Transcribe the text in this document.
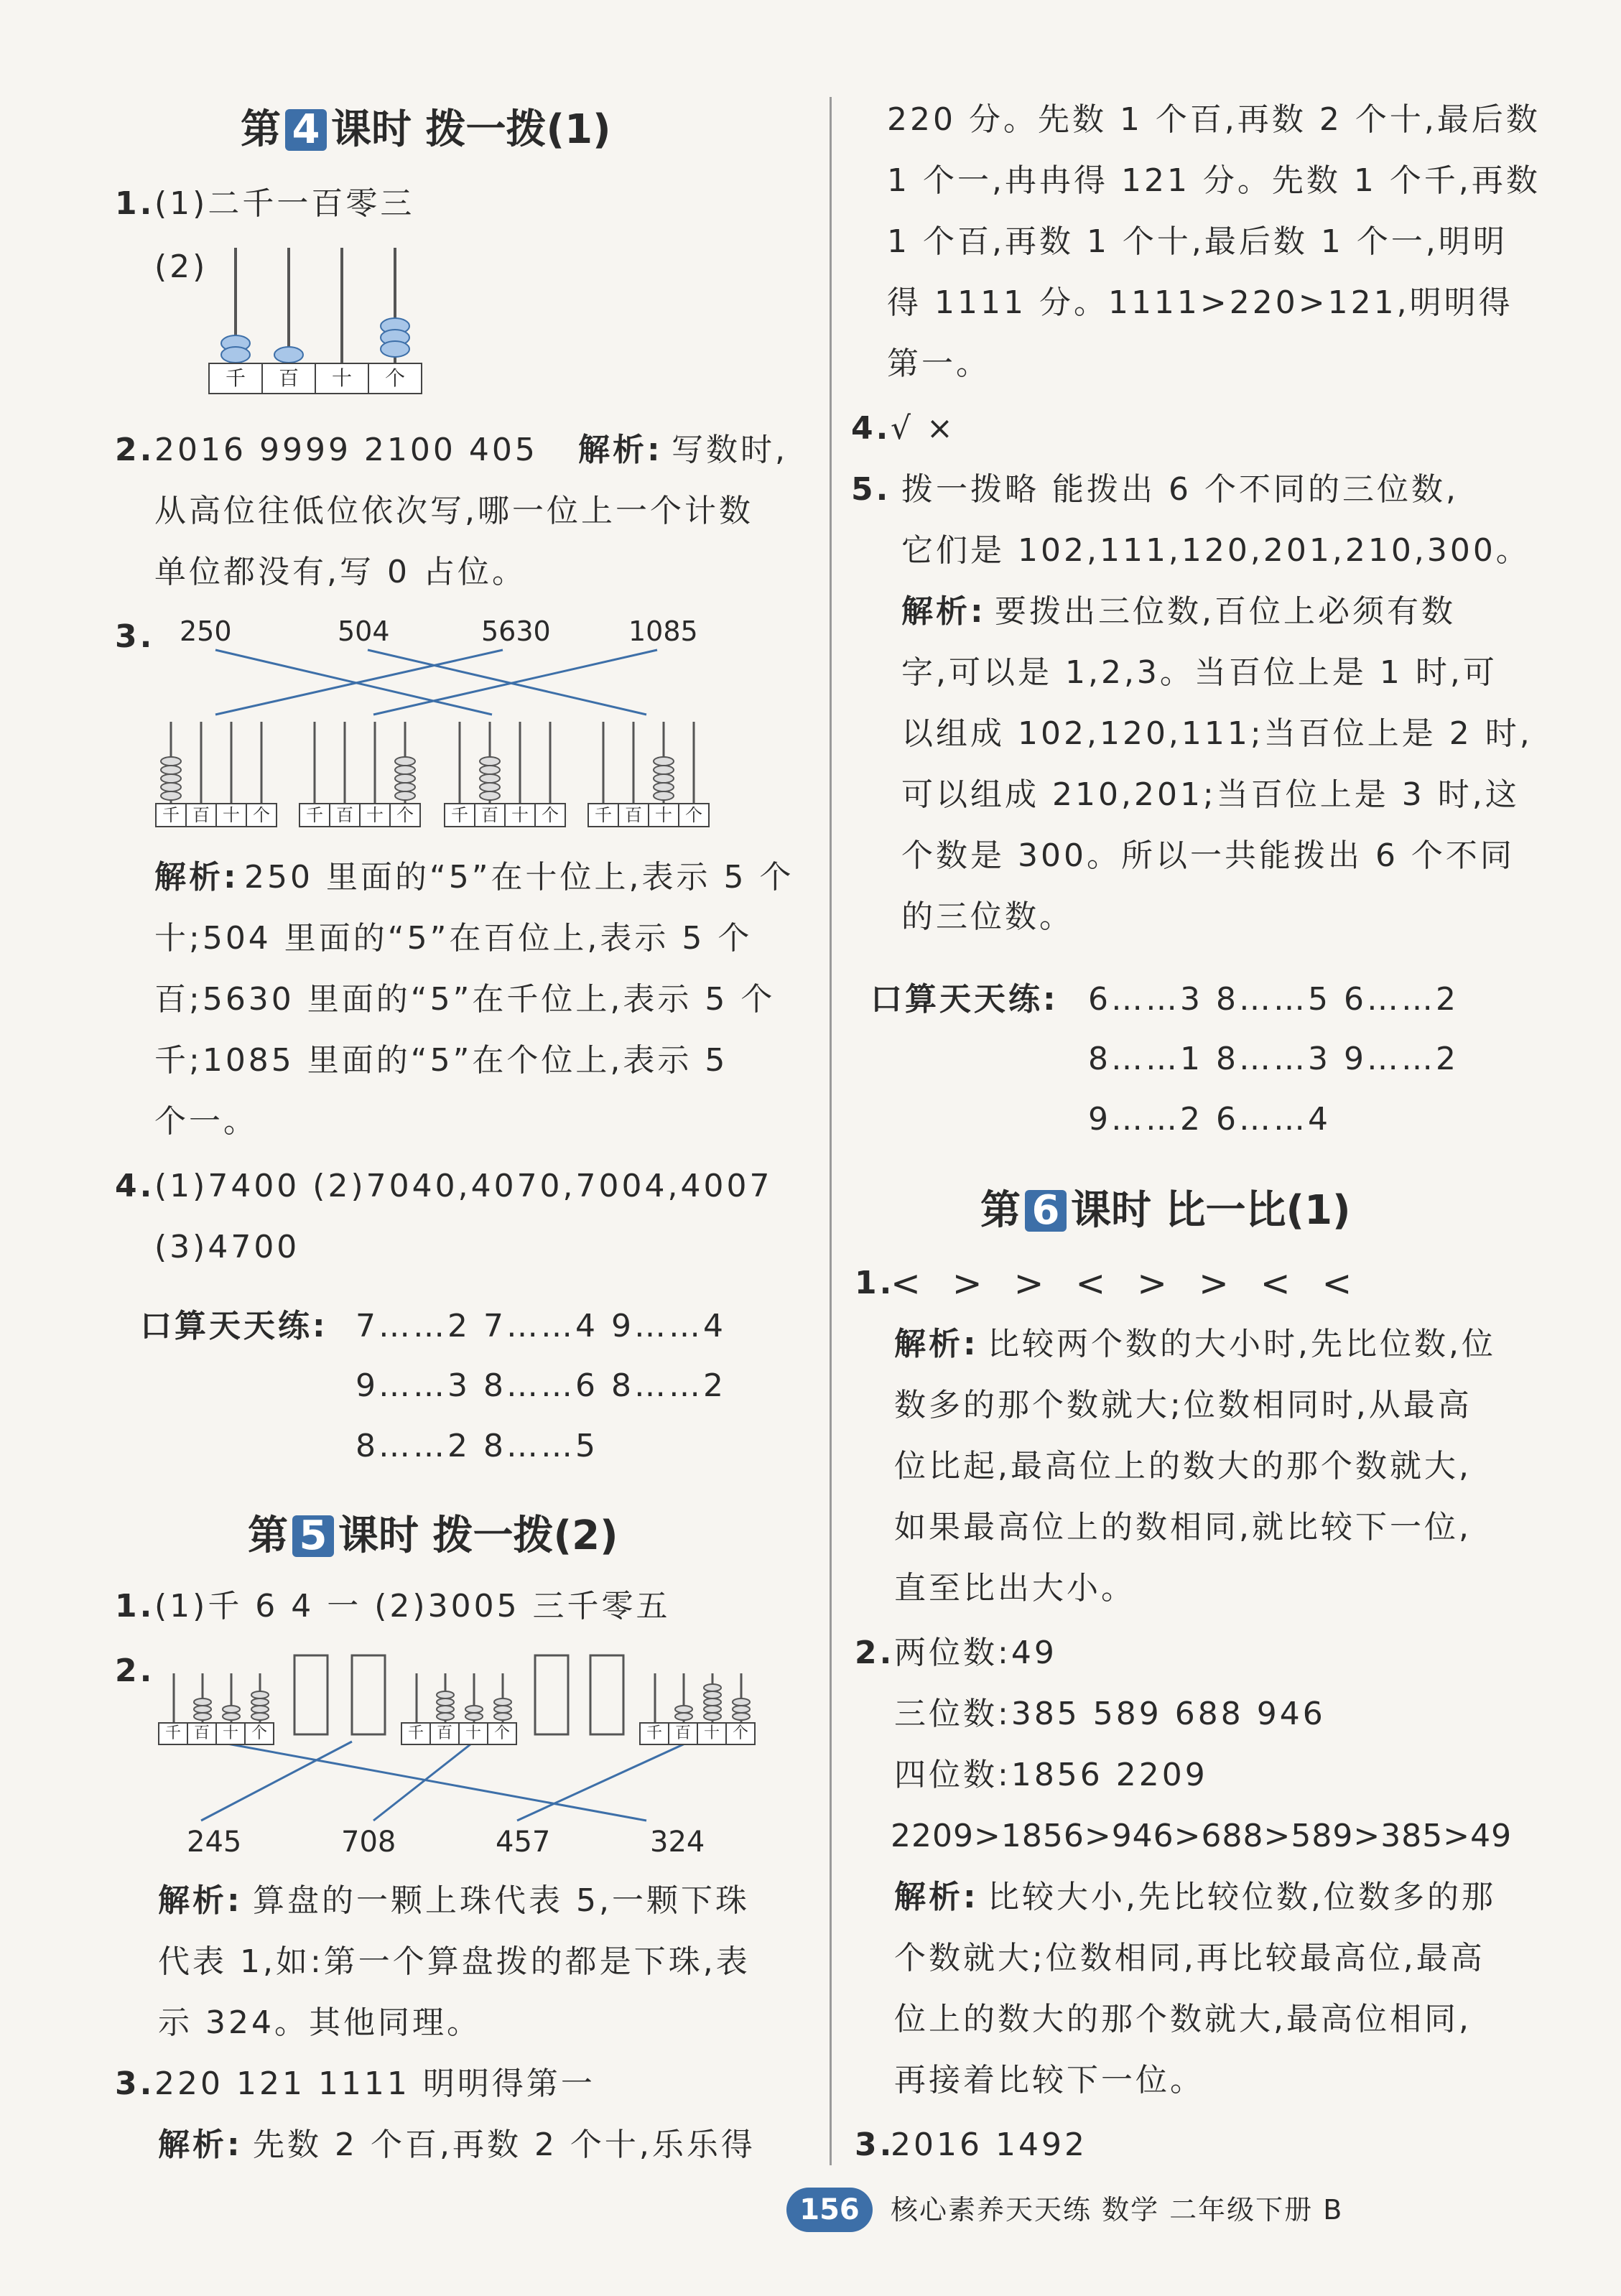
第 4 课时 拨一拨(1)
1. (1)二千一百零三
(2)
千	百	十	个
2. 2016 9999 2100 405 解析: 写数时,
从高位往低位依次写,哪一位上一个计数
单位都没有,写 0 占位。
3. 250	504	5630	1085
千 百 十 个	千 百 十 个	千 百 十 个	千 百 十 个
解析: 250 里面的“5”在十位上,表示 5 个
十;504 里面的“5”在百位上,表示 5 个
百;5630 里面的“5”在千位上,表示 5 个
千;1085 里面的“5”在个位上,表示 5
个一。
4. (1)7400 (2)7040,4070,7004,4007
(3)4700
口算天天练: 7……2 7……4 9……4
9……3 8……6 8……2
8……2 8……5
第 5 课时 拨一拨(2)
1. (1)千 6 4 一 (2)3005 三千零五
2.
千 百 十 个	千 百 十 个	千 百 十 个
245	708	457	324
解析: 算盘的一颗上珠代表 5,一颗下珠
代表 1,如:第一个算盘拨的都是下珠,表
示 324。其他同理。
3. 220 121 1111 明明得第一
解析: 先数 2 个百,再数 2 个十,乐乐得
220 分。先数 1 个百,再数 2 个十,最后数
1 个一,冉冉得 121 分。先数 1 个千,再数
1 个百,再数 1 个十,最后数 1 个一,明明
得 1111 分。1111>220>121,明明得
第一。
4. √ ×
5. 拨一拨略 能拨出 6 个不同的三位数,
它们是 102,111,120,201,210,300。
解析: 要拨出三位数,百位上必须有数
字,可以是 1,2,3。当百位上是 1 时,可
以组成 102,120,111;当百位上是 2 时,
可以组成 210,201;当百位上是 3 时,这
个数是 300。所以一共能拨出 6 个不同
的三位数。
口算天天练: 6……3 8……5 6……2
8……1 8……3 9……2
9……2 6……4
第 6 课时 比一比(1)
1.
< > > < > > < <
解析: 比较两个数的大小时,先比位数,位
数多的那个数就大;位数相同时,从最高
位比起,最高位上的数大的那个数就大,
如果最高位上的数相同,就比较下一位,
直至比出大小。
2. 两位数:49
三位数:385 589 688 946
四位数:1856 2209
2209>1856>946>688>589>385>49
解析: 比较大小,先比较位数,位数多的那
个数就大;位数相同,再比较最高位,最高
位上的数大的那个数就大,最高位相同,
再接着比较下一位。
3.
2016 1492
156	核心素养天天练 数学 二年级下册 B
